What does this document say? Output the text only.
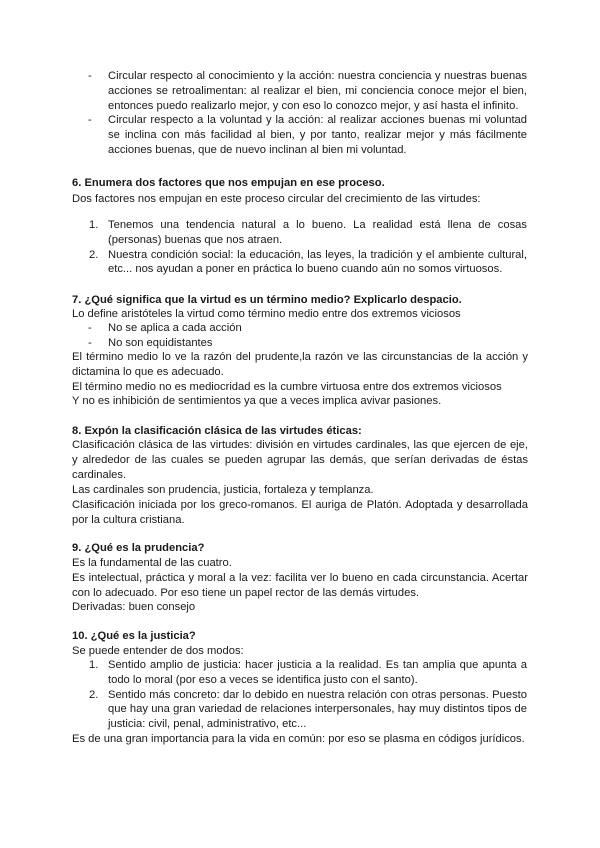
- Circular respecto al conocimiento y la acción: nuestra conciencia y nuestras buenas acciones se retroalimentan: al realizar el bien, mi conciencia conoce mejor el bien, entonces puedo realizarlo mejor, y con eso lo conozco mejor, y así hasta el infinito.
- Circular respecto a la voluntad y la acción: al realizar acciones buenas mi voluntad se inclina con más facilidad al bien, y por tanto, realizar mejor y más fácilmente acciones buenas, que de nuevo inclinan al bien mi voluntad.
6. Enumera dos factores que nos empujan en ese proceso.

Dos factores nos empujan en este proceso circular del crecimiento de las virtudes:

1. Tenemos una tendencia natural a lo bueno. La realidad está llena de cosas (personas) buenas que nos atraen.
2. Nuestra condición social: la educación, las leyes, la tradición y el ambiente cultural, etc... nos ayudan a poner en práctica lo bueno cuando aún no somos virtuosos.
7. ¿Qué significa que la virtud es un término medio? Explicarlo despacio.

Lo define aristóteles la virtud como término medio entre dos extremos viciosos

- No se aplica a cada acción
- No son equidistantes

El término medio lo ve la razón del prudente,la razón ve las circunstancias de la acción y dictamina lo que es adecuado.

El término medio no es mediocridad es la cumbre virtuosa entre dos extremos viciosos

Y no es inhibición de sentimientos ya que a veces implica avivar pasiones.

8. Expón la clasificación clásica de las virtudes éticas:

Clasificación clásica de las virtudes: división en virtudes cardinales, las que ejercen de eje, y alrededor de las cuales se pueden agrupar las demás, que serían derivadas de éstas cardinales.

Las cardinales son prudencia, justicia, fortaleza y templanza.

Clasificación iniciada por los greco-romanos. El auriga de Platón. Adoptada y desarrollada por la cultura cristiana.

9. ¿Qué es la prudencia?

Es la fundamental de las cuatro.

Es intelectual, práctica y moral a la vez: facilita ver lo bueno en cada circunstancia. Acertar con lo adecuado. Por eso tiene un papel rector de las demás virtudes.

Derivadas: buen consejo

10. ¿Qué es la justicia?

Se puede entender de dos modos:

1. Sentido amplio de justicia: hacer justicia a la realidad. Es tan amplia que apunta a todo lo moral (por eso a veces se identifica justo con el santo).
2. Sentido más concreto: dar lo debido en nuestra relación con otras personas. Puesto que hay una gran variedad de relaciones interpersonales, hay muy distintos tipos de justicia: civil, penal, administrativo, etc...

Es de una gran importancia para la vida en común: por eso se plasma en códigos jurídicos.
